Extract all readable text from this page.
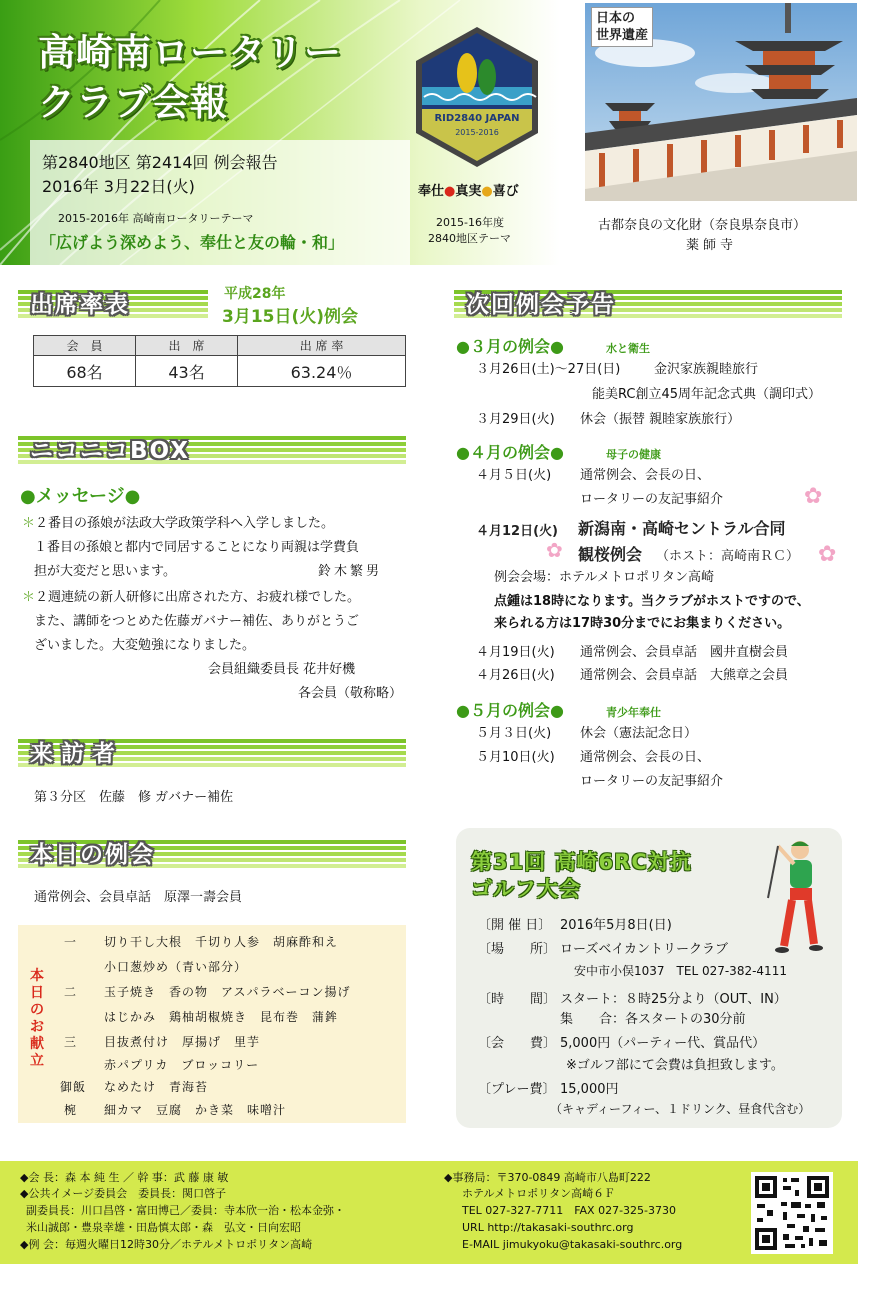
高崎南ロータリー
クラブ会報
第2840地区 第2414回 例会報告
2016年 3月22日(火)
2015-2016年 高崎南ロータリーテーマ
「広げよう深めよう、奉仕と友の輪・和」
RID2840 JAPAN
2015-2016
奉仕●真実●喜び
2015-16年度
2840地区テーマ
日本の
世界遺産
古都奈良の文化財（奈良県奈良市）
薬師寺
出席率表	平成28年
3月15日(火)例会
会　員	出　席	出 席 率
68名	43名	63.24％
ニコニコBOX
●メッセージ●
＊２番目の孫娘が法政大学政策学科へ入学しました。
１番目の孫娘と都内で同居することになり両親は学費負
担が大変だと思います。	鈴木繁男
＊２週連続の新人研修に出席された方、お疲れ様でした。
また、講師をつとめた佐藤ガバナー補佐、ありがとうご
ざいました。大変勉強になりました。
会員組織委員長 花井好機
各会員（敬称略）
来訪者
第３分区　佐藤　修 ガバナー補佐
本日の例会
通常例会、会員卓話　原澤一壽会員
本
日
の
お
献
立
一 切り干し大根　千切り人参　胡麻酢和え
小口葱炒め（青い部分）
二 玉子焼き　香の物　アスパラベーコン揚げ
はじかみ　鶏柚胡椒焼き　昆布巻　蒲鉾
三 目抜煮付け　厚揚げ　里芋
赤パプリカ　ブロッコリー
御飯 なめたけ　青海苔
椀 細カマ　豆腐　かき菜　味噌汁
次回例会予告
●３月の例会●	水と衛生
３月26日(土)〜27日(日)	金沢家族親睦旅行
能美RC創立45周年記念式典（調印式）
３月29日(火) 休会（振替 親睦家族旅行）
●４月の例会●	母子の健康
４月５日(火) 通常例会、会長の日、
ロータリーの友記事紹介	✿
４月12日(火) 新潟南・高崎セントラル合同
✿ 観桜例会 （ホスト：高崎南ＲＣ） ✿
例会会場：ホテルメトロポリタン高崎
点鍾は18時になります。当クラブがホストですので、
来られる方は17時30分までにお集まりください。
４月19日(火) 通常例会、会員卓話　國井直樹会員
４月26日(火) 通常例会、会員卓話　大熊章之会員
●５月の例会●	青少年奉仕
５月３日(火) 休会（憲法記念日）
５月10日(火) 通常例会、会長の日、
ロータリーの友記事紹介
第31回 高崎6RC対抗
ゴルフ大会
〔開 催 日〕 2016年5月8日(日)
〔場　　所〕 ローズベイカントリークラブ
安中市小俣1037　TEL 027-382-4111
〔時　　間〕 スタート：８時25分より（OUT、IN）
集　　合：各スタートの30分前
〔会　　費〕 5,000円（パーティー代、賞品代）
※ゴルフ部にて会費は負担致します。
〔プレー費〕 15,000円
（キャディーフィー、１ドリンク、昼食代含む）
◆会 長：森 本 純 生 ／ 幹 事：武 藤 康 敏
◆公共イメージ委員会　委員長：関口啓子
副委員長：川口昌啓・富田博己／委員：寺本欣一治・松本金弥・
米山誠郎・豊泉幸雄・田島慎太郎・森　弘文・日向宏昭
◆例 会：毎週火曜日12時30分／ホテルメトロポリタン高崎
◆事務局：〒370-0849 高崎市八島町222
ホテルメトロポリタン高崎６Ｆ
TEL 027-327-7711　FAX 027-325-3730
URL http://takasaki-southrc.org
E-MAIL jimukyoku@takasaki-southrc.org
